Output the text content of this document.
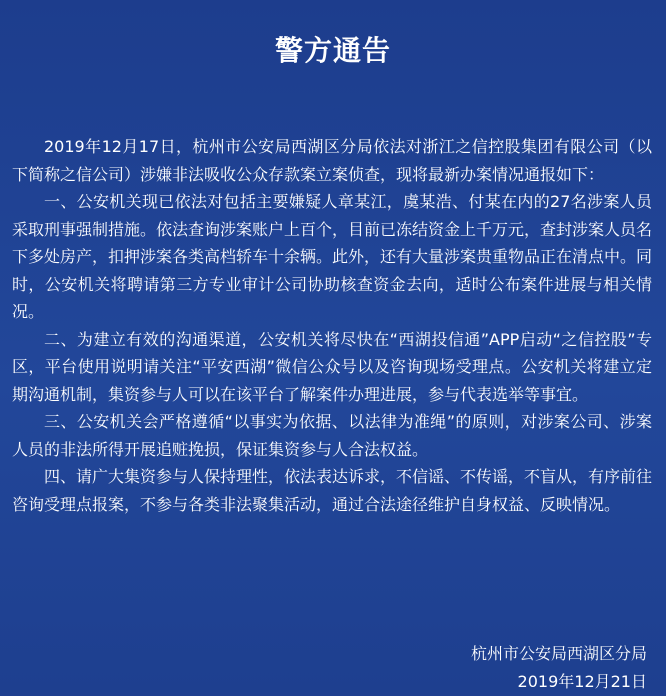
警方通告

2019年12月17日，杭州市公安局西湖区分局依法对浙江之信控股集团有限公司（以下简称之信公司）涉嫌非法吸收公众存款案立案侦查，现将最新办案情况通报如下：

一、公安机关现已依法对包括主要嫌疑人章某江，虞某浩、付某在内的27名涉案人员采取刑事强制措施。依法查询涉案账户上百个，目前已冻结资金上千万元，查封涉案人员名下多处房产，扣押涉案各类高档轿车十余辆。此外，还有大量涉案贵重物品正在清点中。同时，公安机关将聘请第三方专业审计公司协助核查资金去向，适时公布案件进展与相关情况。

二、为建立有效的沟通渠道，公安机关将尽快在“西湖投信通”APP启动“之信控股”专区，平台使用说明请关注“平安西湖”微信公众号以及咨询现场受理点。公安机关将建立定期沟通机制，集资参与人可以在该平台了解案件办理进展，参与代表选举等事宜。

三、公安机关会严格遵循“以事实为依据、以法律为准绳”的原则，对涉案公司、涉案人员的非法所得开展追赃挽损，保证集资参与人合法权益。

四、请广大集资参与人保持理性，依法表达诉求，不信谣、不传谣，不盲从，有序前往咨询受理点报案，不参与各类非法聚集活动，通过合法途径维护自身权益、反映情况。

杭州市公安局西湖区分局
2019年12月21日
